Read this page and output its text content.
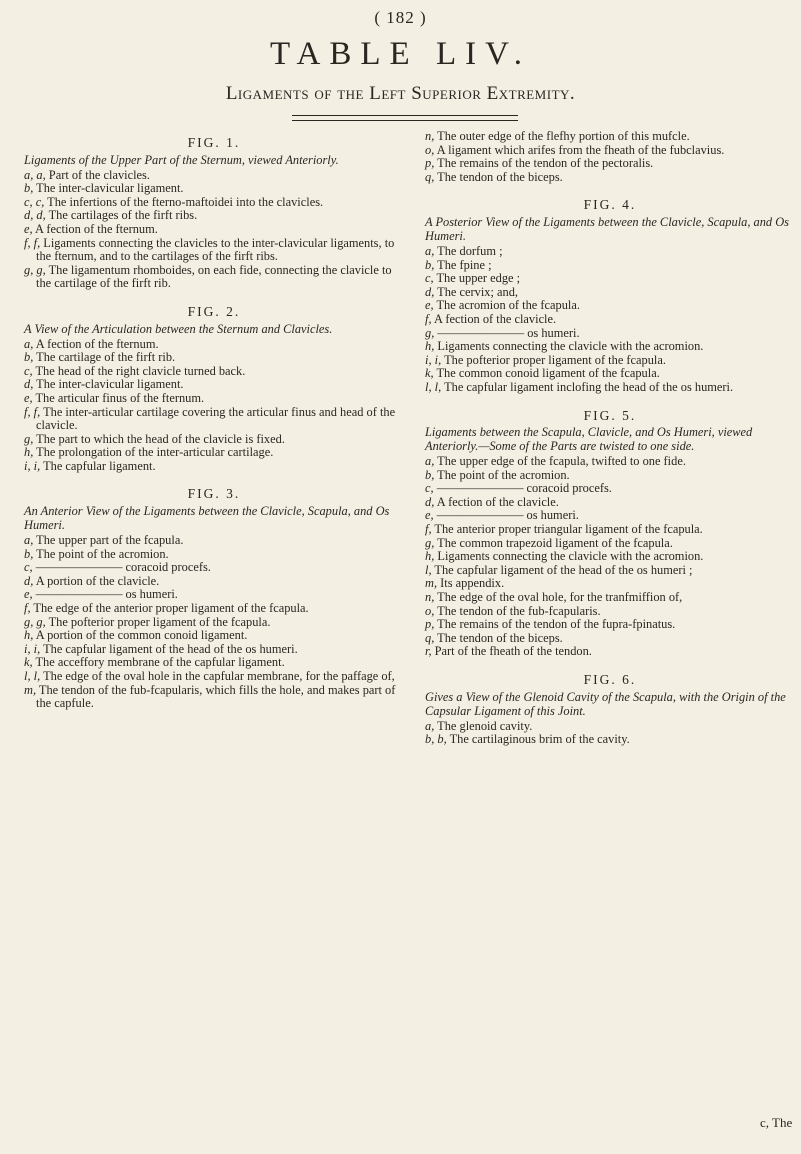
( 182 )
TABLE LIV.
Ligaments of the Left Superior Extremity.
FIG. 1.
Ligaments of the Upper Part of the Sternum, viewed Anteriorly.
a, a, Part of the clavicles.
b, The inter-clavicular ligament.
c, c, The infertions of the fterno-maftoidei into the clavicles.
d, d, The cartilages of the firft ribs.
e, A fection of the fternum.
f, f, Ligaments connecting the clavicles to the inter-clavicular ligaments, to the fternum, and to the cartilages of the firft ribs.
g, g, The ligamentum rhomboides, on each fide, connecting the clavicle to the cartilage of the firft rib.
FIG. 2.
A View of the Articulation between the Sternum and Clavicles.
a, A fection of the fternum.
b, The cartilage of the firft rib.
c, The head of the right clavicle turned back.
d, The inter-clavicular ligament.
e, The articular finus of the fternum.
f, f, The inter-articular cartilage covering the articular finus and head of the clavicle.
g, The part to which the head of the clavicle is fixed.
h, The prolongation of the inter-articular cartilage.
i, i, The capfular ligament.
FIG. 3.
An Anterior View of the Ligaments between the Clavicle, Scapula, and Os Humeri.
a, The upper part of the fcapula.
b, The point of the acromion.
c, ——————— coracoid procefs.
d, A portion of the clavicle.
e, ——————— os humeri.
f, The edge of the anterior proper ligament of the fcapula.
g, g, The pofterior proper ligament of the fcapula.
h, A portion of the common conoid ligament.
i, i, The capfular ligament of the head of the os humeri.
k, The acceffory membrane of the capfular ligament.
l, l, The edge of the oval hole in the capfular membrane, for the paffage of,
m, The tendon of the fub-fcapularis, which fills the hole, and makes part of the capfule.
n, The outer edge of the flefhy portion of this mufcle.
o, A ligament which arifes from the fheath of the fubclavius.
p, The remains of the tendon of the pectoralis.
q, The tendon of the biceps.
FIG. 4.
A Posterior View of the Ligaments between the Clavicle, Scapula, and Os Humeri.
a, The dorfum ;
b, The fpine ;
c, The upper edge ;
d, The cervix; and,
e, The acromion of the fcapula.
f, A fection of the clavicle.
g, ——————— os humeri.
h, Ligaments connecting the clavicle with the acromion.
i, i, The pofterior proper ligament of the fcapula.
k, The common conoid ligament of the fcapula.
l, l, The capfular ligament inclofing the head of the os humeri.
FIG. 5.
Ligaments between the Scapula, Clavicle, and Os Humeri, viewed Anteriorly.—Some of the Parts are twisted to one side.
a, The upper edge of the fcapula, twifted to one fide.
b, The point of the acromion.
c, ——————— coracoid procefs.
d, A fection of the clavicle.
e, ——————— os humeri.
f, The anterior proper triangular ligament of the fcapula.
g, The common trapezoid ligament of the fcapula.
h, Ligaments connecting the clavicle with the acromion.
l, The capfular ligament of the head of the os humeri ;
m, Its appendix.
n, The edge of the oval hole, for the tranfmiffion of,
o, The tendon of the fub-fcapularis.
p, The remains of the tendon of the fupra-fpinatus.
q, The tendon of the biceps.
r, Part of the fheath of the tendon.
FIG. 6.
Gives a View of the Glenoid Cavity of the Scapula, with the Origin of the Capsular Ligament of this Joint.
a, The glenoid cavity.
b, b, The cartilaginous brim of the cavity.
c, The
